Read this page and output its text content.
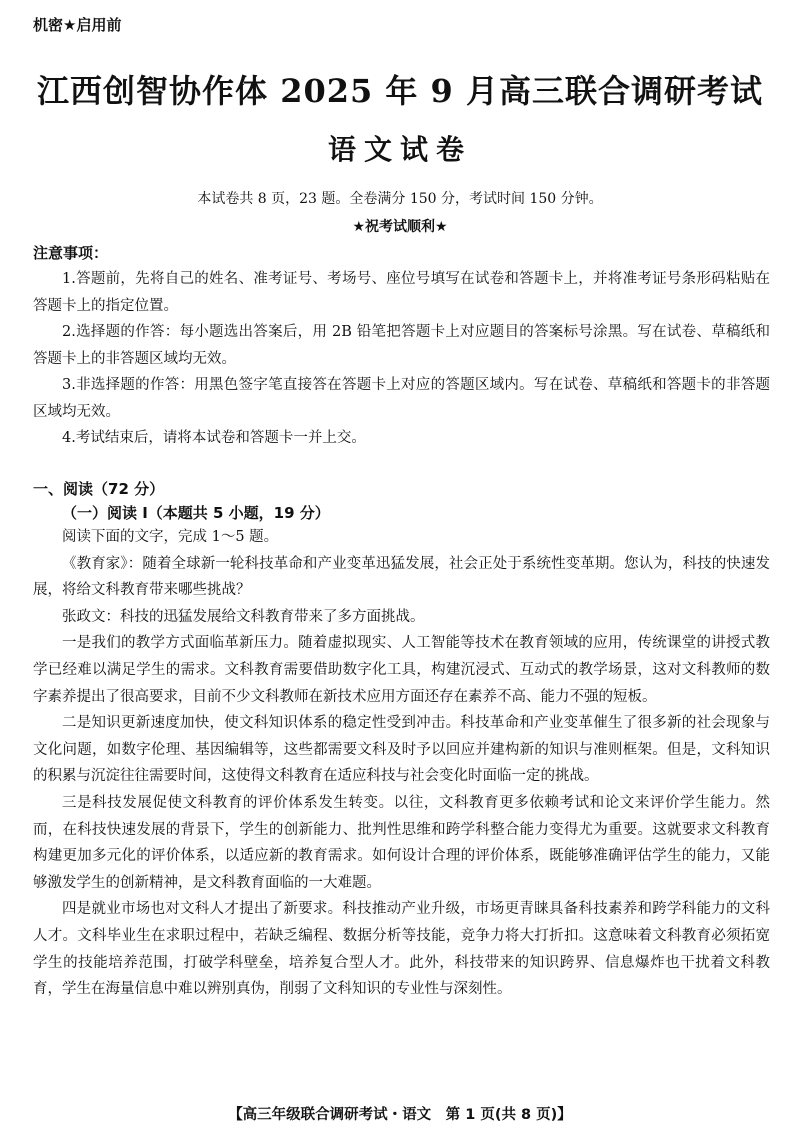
机密★启用前
江西创智协作体 2025 年 9 月高三联合调研考试
语文试卷
本试卷共 8 页，23 题。全卷满分 150 分，考试时间 150 分钟。
★祝考试顺利★
注意事项：

1.答题前，先将自己的姓名、准考证号、考场号、座位号填写在试卷和答题卡上，并将准考证号条形码粘贴在答题卡上的指定位置。

2.选择题的作答：每小题选出答案后，用 2B 铅笔把答题卡上对应题目的答案标号涂黑。写在试卷、草稿纸和答题卡上的非答题区域均无效。

3.非选择题的作答：用黑色签字笔直接答在答题卡上对应的答题区域内。写在试卷、草稿纸和答题卡的非答题区域均无效。

4.考试结束后，请将本试卷和答题卡一并上交。

一、阅读（72 分）
（一）阅读 I（本题共 5 小题，19 分）

阅读下面的文字，完成 1～5 题。

《教育家》：随着全球新一轮科技革命和产业变革迅猛发展，社会正处于系统性变革期。您认为，科技的快速发展，将给文科教育带来哪些挑战？

张政文：科技的迅猛发展给文科教育带来了多方面挑战。

一是我们的教学方式面临革新压力。随着虚拟现实、人工智能等技术在教育领域的应用，传统课堂的讲授式教学已经难以满足学生的需求。文科教育需要借助数字化工具，构建沉浸式、互动式的教学场景，这对文科教师的数字素养提出了很高要求，目前不少文科教师在新技术应用方面还存在素养不高、能力不强的短板。

二是知识更新速度加快，使文科知识体系的稳定性受到冲击。科技革命和产业变革催生了很多新的社会现象与文化问题，如数字伦理、基因编辑等，这些都需要文科及时予以回应并建构新的知识与准则框架。但是，文科知识的积累与沉淀往往需要时间，这使得文科教育在适应科技与社会变化时面临一定的挑战。

三是科技发展促使文科教育的评价体系发生转变。以往，文科教育更多依赖考试和论文来评价学生能力。然而，在科技快速发展的背景下，学生的创新能力、批判性思维和跨学科整合能力变得尤为重要。这就要求文科教育构建更加多元化的评价体系，以适应新的教育需求。如何设计合理的评价体系，既能够准确评估学生的能力，又能够激发学生的创新精神，是文科教育面临的一大难题。

四是就业市场也对文科人才提出了新要求。科技推动产业升级，市场更青睐具备科技素养和跨学科能力的文科人才。文科毕业生在求职过程中，若缺乏编程、数据分析等技能，竞争力将大打折扣。这意味着文科教育必须拓宽学生的技能培养范围，打破学科壁垒，培养复合型人才。此外，科技带来的知识跨界、信息爆炸也干扰着文科教育，学生在海量信息中难以辨别真伪，削弱了文科知识的专业性与深刻性。

【高三年级联合调研考试・语文　第 1 页(共 8 页)】
